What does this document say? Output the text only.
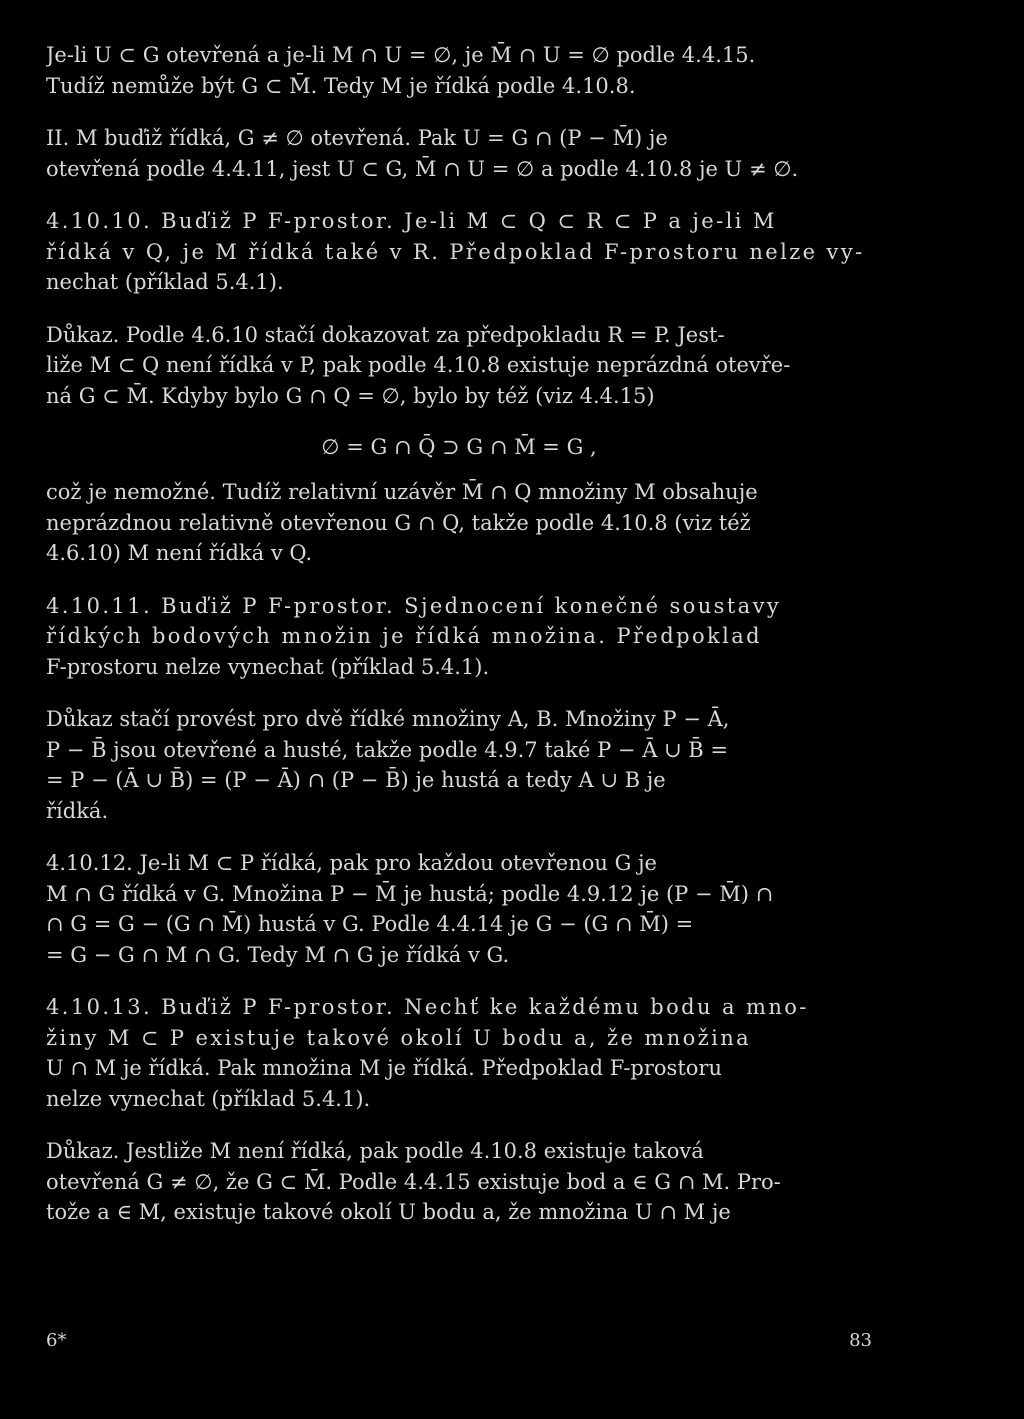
Je-li U ⊂ G otevřená a je-li M ∩ U = ∅, je M̄ ∩ U = ∅ podle 4.4.15.
Tudíž nemůže být G ⊂ M̄. Tedy M je řídká podle 4.10.8.
II. M buďiž řídká, G ≠ ∅ otevřená. Pak U = G ∩ (P − M̄) je
otevřená podle 4.4.11, jest U ⊂ G, M̄ ∩ U = ∅ a podle 4.10.8 je U ≠ ∅.
4.10.10. Buďiž P F-prostor. Je-li M ⊂ Q ⊂ R ⊂ P a je-li M
řídká v Q, je M řídká také v R. Předpoklad F-prostoru nelze vy-
nechat (příklad 5.4.1).
Důkaz. Podle 4.6.10 stačí dokazovat za předpokladu R = P. Jest-
liže M ⊂ Q není řídká v P, pak podle 4.10.8 existuje neprázdná otevře-
ná G ⊂ M̄. Kdyby bylo G ∩ Q = ∅, bylo by též (viz 4.4.15)
∅ = G ∩ Q̄ ⊃ G ∩ M̄ = G ,
což je nemožné. Tudíž relativní uzávěr M̄ ∩ Q množiny M obsahuje
neprázdnou relativně otevřenou G ∩ Q, takže podle 4.10.8 (viz též
4.6.10) M není řídká v Q.
4.10.11. Buďiž P F-prostor. Sjednocení konečné soustavy
řídkých bodových množin je řídká množina. Předpoklad
F-prostoru nelze vynechat (příklad 5.4.1).
Důkaz stačí provést pro dvě řídké množiny A, B. Množiny P − Ā,
P − B̄ jsou otevřené a husté, takže podle 4.9.7 také P − Ā ∪ B̄ =
= P − (Ā ∪ B̄) = (P − Ā) ∩ (P − B̄) je hustá a tedy A ∪ B je
řídká.
4.10.12. Je-li M ⊂ P řídká, pak pro každou otevřenou G je
M ∩ G řídká v G. Množina P − M̄ je hustá; podle 4.9.12 je (P − M̄) ∩
∩ G = G − (G ∩ M̄) hustá v G. Podle 4.4.14 je G − (G ∩ M̄) =
= G − G ∩ M ∩ G. Tedy M ∩ G je řídká v G.
4.10.13. Buďiž P F-prostor. Nechť ke každému bodu a mno-
žiny M ⊂ P existuje takové okolí U bodu a, že množina
U ∩ M je řídká. Pak množina M je řídká. Předpoklad F-prostoru
nelze vynechat (příklad 5.4.1).
Důkaz. Jestliže M není řídká, pak podle 4.10.8 existuje taková
otevřená G ≠ ∅, že G ⊂ M̄. Podle 4.4.15 existuje bod a ∈ G ∩ M. Pro-
tože a ∈ M, existuje takové okolí U bodu a, že množina U ∩ M je
6*	83
